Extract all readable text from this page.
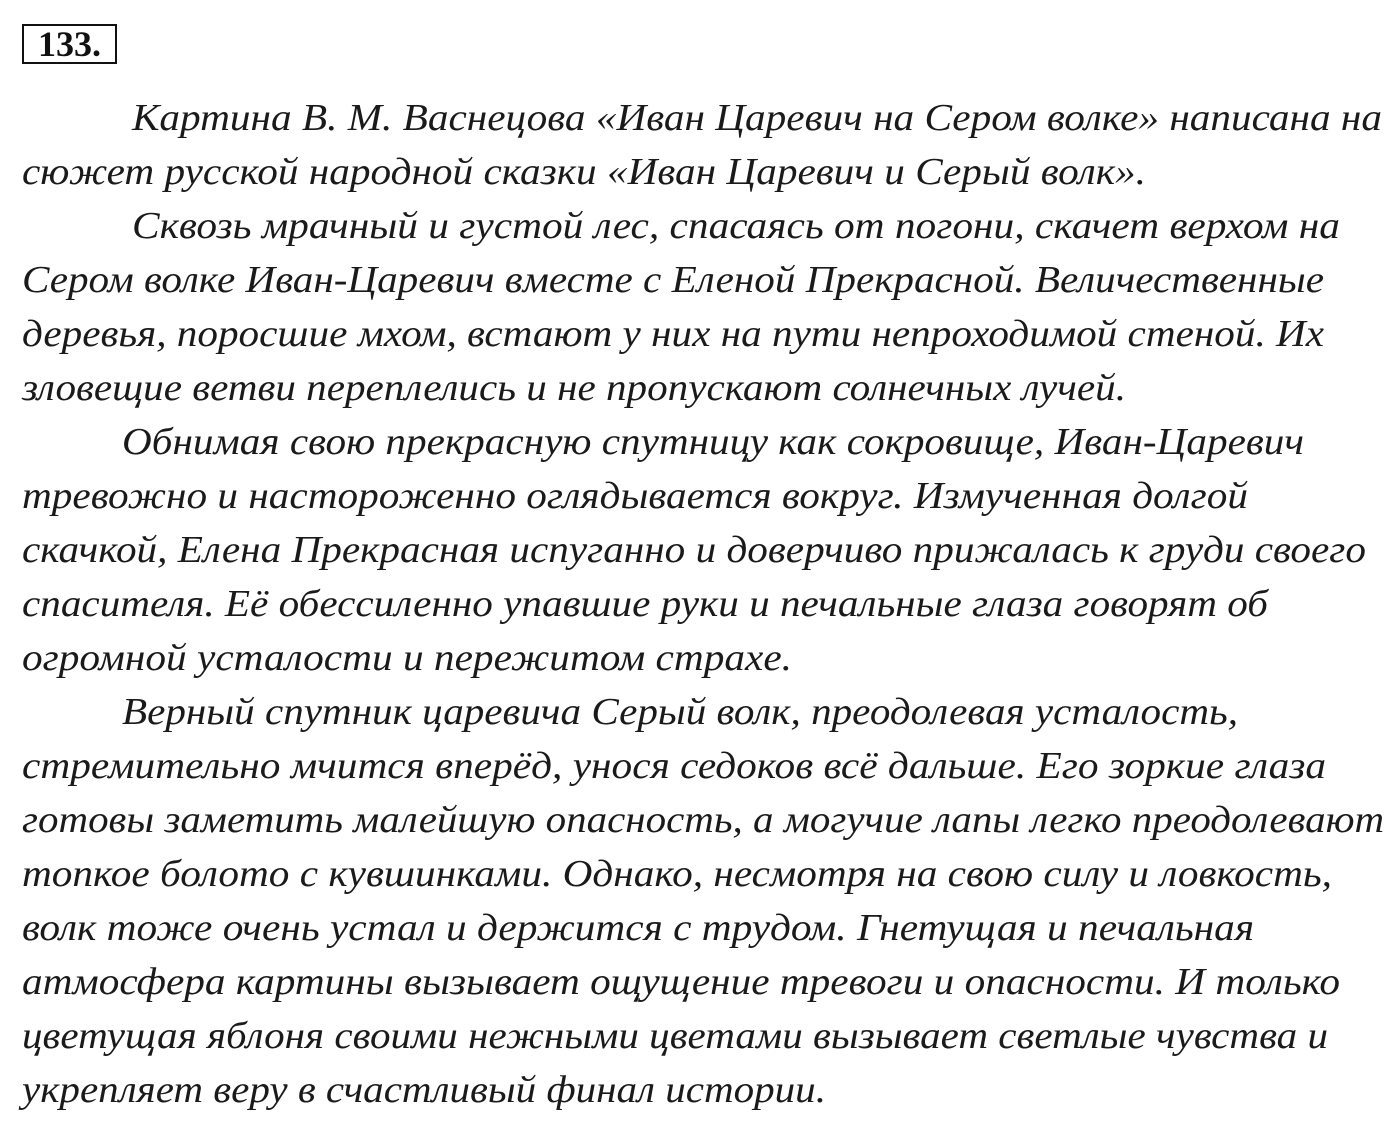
133.
Картина В. М. Васнецова «Иван Царевич на Сером волке» написана на
сюжет русской народной сказки «Иван Царевич и Серый волк».
Сквозь мрачный и густой лес, спасаясь от погони, скачет верхом на
Сером волке Иван-Царевич вместе с Еленой Прекрасной. Величественные
деревья, поросшие мхом, встают у них на пути непроходимой стеной. Их
зловещие ветви переплелись и не пропускают солнечных лучей.
Обнимая свою прекрасную спутницу как сокровище, Иван-Царевич
тревожно и настороженно оглядывается вокруг. Измученная долгой
скачкой, Елена Прекрасная испуганно и доверчиво прижалась к груди своего
спасителя. Её обессиленно упавшие руки и печальные глаза говорят об
огромной усталости и пережитом страхе.
Верный спутник царевича Серый волк, преодолевая усталость,
стремительно мчится вперёд, унося седоков всё дальше. Его зоркие глаза
готовы заметить малейшую опасность, а могучие лапы легко преодолевают
топкое болото с кувшинками. Однако, несмотря на свою силу и ловкость,
волк тоже очень устал и держится с трудом. Гнетущая и печальная
атмосфера картины вызывает ощущение тревоги и опасности. И только
цветущая яблоня своими нежными цветами вызывает светлые чувства и
укрепляет веру в счастливый финал истории.
